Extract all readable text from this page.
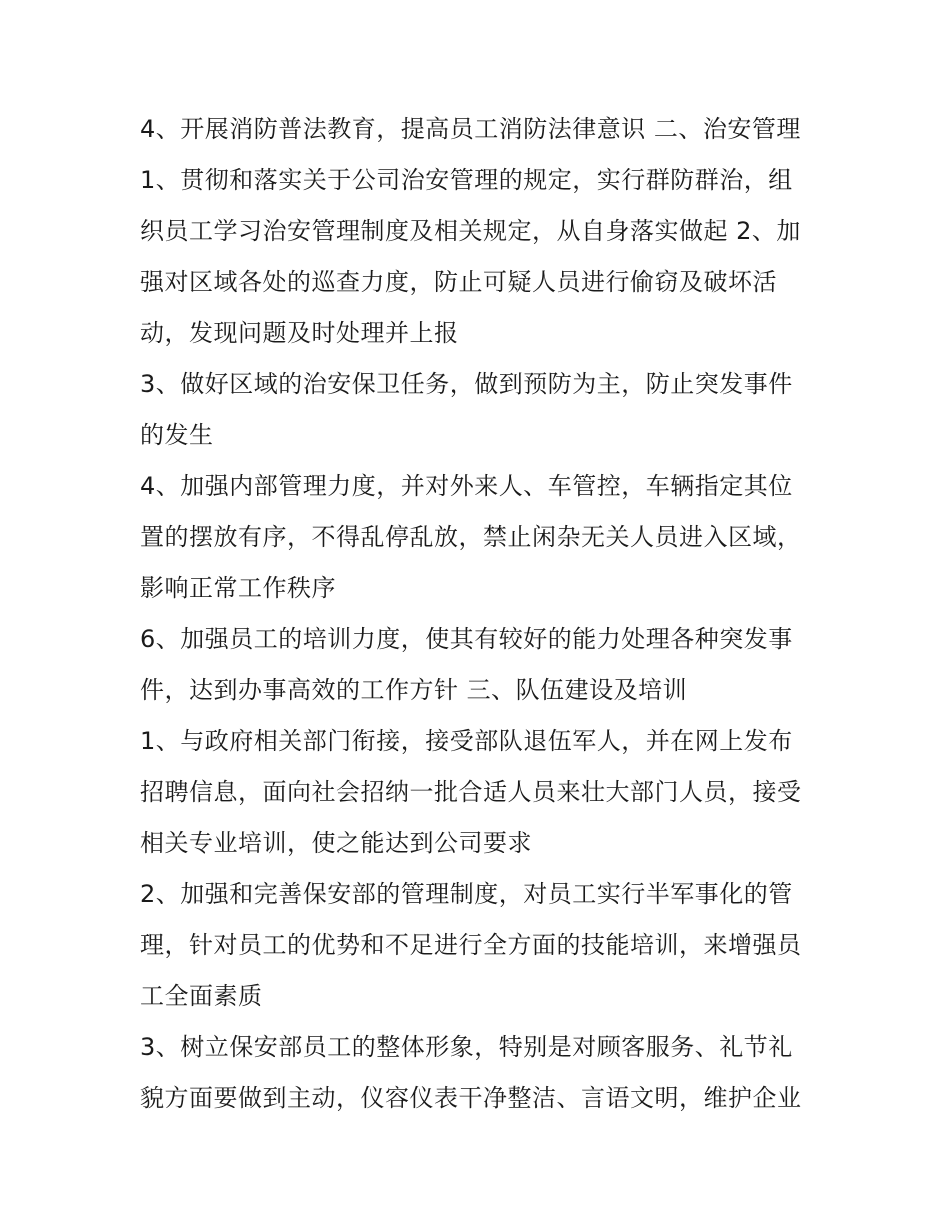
4、开展消防普法教育，提高员工消防法律意识 二、治安管理
1、贯彻和落实关于公司治安管理的规定，实行群防群治，组
织员工学习治安管理制度及相关规定，从自身落实做起 2、加
强对区域各处的巡查力度，防止可疑人员进行偷窃及破坏活
动，发现问题及时处理并上报
3、做好区域的治安保卫任务，做到预防为主，防止突发事件
的发生
4、加强内部管理力度，并对外来人、车管控，车辆指定其位
置的摆放有序，不得乱停乱放，禁止闲杂无关人员进入区域，
影响正常工作秩序
6、加强员工的培训力度，使其有较好的能力处理各种突发事
件，达到办事高效的工作方针 三、队伍建设及培训
1、与政府相关部门衔接，接受部队退伍军人，并在网上发布
招聘信息，面向社会招纳一批合适人员来壮大部门人员，接受
相关专业培训，使之能达到公司要求
2、加强和完善保安部的管理制度，对员工实行半军事化的管
理，针对员工的优势和不足进行全方面的技能培训，来增强员
工全面素质
3、树立保安部员工的整体形象，特别是对顾客服务、礼节礼
貌方面要做到主动，仪容仪表干净整洁、言语文明，维护企业
